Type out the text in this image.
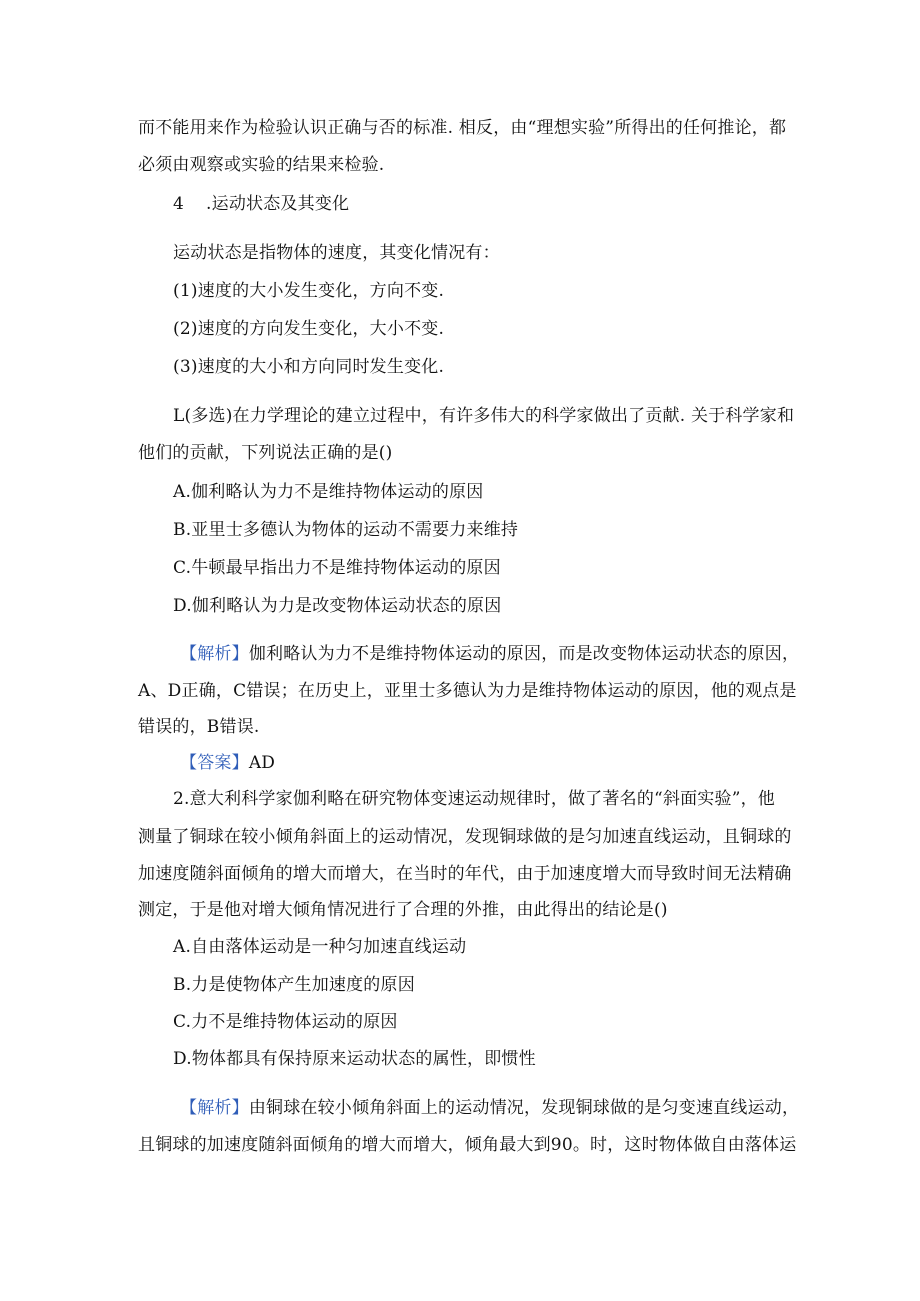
而不能用来作为检验认识正确与否的标准. 相反，由“理想实验”所得出的任何推论，都
必须由观察或实验的结果来检验.
4 .运动状态及其变化
运动状态是指物体的速度，其变化情况有：
(1)速度的大小发生变化，方向不变.
(2)速度的方向发生变化，大小不变.
(3)速度的大小和方向同时发生变化.
L(多选)在力学理论的建立过程中，有许多伟大的科学家做出了贡献. 关于科学家和
他们的贡献，下列说法正确的是()
A.伽利略认为力不是维持物体运动的原因
B.亚里士多德认为物体的运动不需要力来维持
C.牛顿最早指出力不是维持物体运动的原因
D.伽利略认为力是改变物体运动状态的原因
【解析】伽利略认为力不是维持物体运动的原因，而是改变物体运动状态的原因，
A、D正确，C错误；在历史上，亚里士多德认为力是维持物体运动的原因，他的观点是
错误的，B错误.
【答案】AD
2.意大利科学家伽利略在研究物体变速运动规律时，做了著名的“斜面实验”，他
测量了铜球在较小倾角斜面上的运动情况，发现铜球做的是匀加速直线运动，且铜球的
加速度随斜面倾角的增大而增大，在当时的年代，由于加速度增大而导致时间无法精确
测定，于是他对增大倾角情况进行了合理的外推，由此得出的结论是()
A.自由落体运动是一种匀加速直线运动
B.力是使物体产生加速度的原因
C.力不是维持物体运动的原因
D.物体都具有保持原来运动状态的属性，即惯性
【解析】由铜球在较小倾角斜面上的运动情况，发现铜球做的是匀变速直线运动，
且铜球的加速度随斜面倾角的增大而增大，倾角最大到90。时，这时物体做自由落体运
